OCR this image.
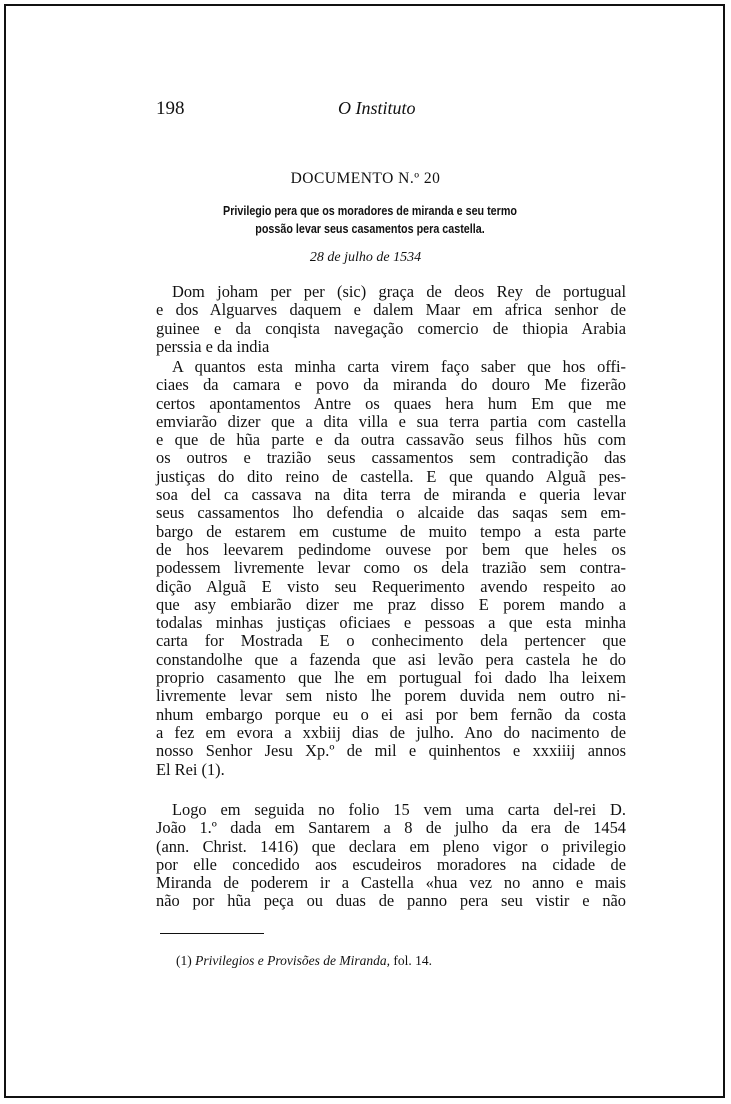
198	O Instituto
DOCUMENTO N.º 20
Privilegio pera que os moradores de miranda e seu termo
possão levar seus casamentos pera castella.
28 de julho de 1534
Dom joham per per (sic) graça de deos Rey de portugual
e dos Alguarves daquem e dalem Maar em africa senhor de
guinee e da conqista navegação comercio de thiopia Arabia
perssia e da india
A quantos esta minha carta virem faço saber que hos offi-
ciaes da camara e povo da miranda do douro Me fizerão
certos apontamentos Antre os quaes hera hum Em que me
emviarão dizer que a dita villa e sua terra partia com castella
e que de hũa parte e da outra cassavão seus filhos hũs com
os outros e trazião seus cassamentos sem contradição das
justiças do dito reino de castella. E que quando Alguã pes-
soa del ca cassava na dita terra de miranda e queria levar
seus cassamentos lho defendia o alcaide das saqas sem em-
bargo de estarem em custume de muito tempo a esta parte
de hos leevarem pedindome ouvese por bem que heles os
podessem livremente levar como os dela trazião sem contra-
dição Alguã E visto seu Requerimento avendo respeito ao
que asy embiarão dizer me praz disso E porem mando a
todalas minhas justiças oficiaes e pessoas a que esta minha
carta for Mostrada E o conhecimento dela pertencer que
constandolhe que a fazenda que asi levão pera castela he do
proprio casamento que lhe em portugual foi dado lha leixem
livremente levar sem nisto lhe porem duvida nem outro ni-
nhum embargo porque eu o ei asi por bem fernão da costa
a fez em evora a xxbiij dias de julho. Ano do nacimento de
nosso Senhor Jesu Xp.º de mil e quinhentos e xxxiiij annos
El Rei (1).
Logo em seguida no folio 15 vem uma carta del-rei D.
João 1.º dada em Santarem a 8 de julho da era de 1454
(ann. Christ. 1416) que declara em pleno vigor o privilegio
por elle concedido aos escudeiros moradores na cidade de
Miranda de poderem ir a Castella «hua vez no anno e mais
não por hũa peça ou duas de panno pera seu vistir e não
(1) Privilegios e Provisões de Miranda, fol. 14.
